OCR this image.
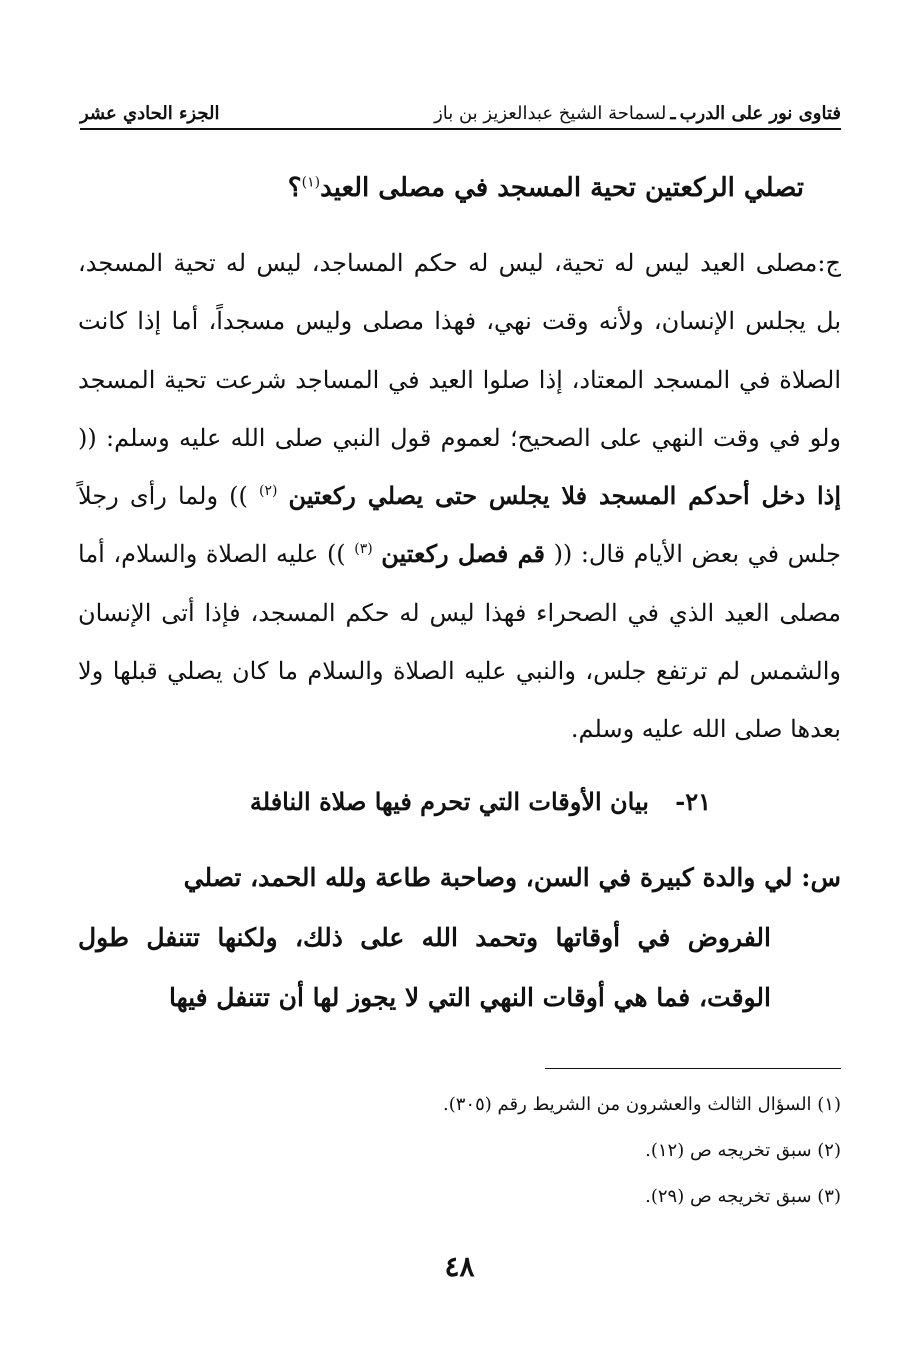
فتاوى نور على الدرب
ـ
لسماحة الشيخ عبدالعزيز بن باز
الجزء الحادي عشر
تصلي الركعتين تحية المسجد في مصلى العيد$^{(١)}$؟

ج:مصلى العيد ليس له تحية، ليس له حكم المساجد، ليس له تحية المسجد، بل يجلس الإنسان، ولأنه وقت نهي، فهذا مصلى وليس مسجداً، أما إذا كانت الصلاة في المسجد المعتاد، إذا صلوا العيد في المساجد شرعت تحية المسجد ولو في وقت النهي على الصحيح؛ لعموم قول النبي صلى الله عليه وسلم: (( إذا دخل أحدكم المسجد فلا يجلس حتى يصلي ركعتين $^{(٢)}$ )) ولما رأى رجلاً جلس في بعض الأيام قال: (( قم فصل ركعتين $^{(٣)}$ )) عليه الصلاة والسلام، أما مصلى العيد الذي في الصحراء فهذا ليس له حكم المسجد، فإذا أتى الإنسان والشمس لم ترتفع جلس، والنبي عليه الصلاة والسلام ما كان يصلي قبلها ولا بعدها صلى الله عليه وسلم.

٢١- بيان الأوقات التي تحرم فيها صلاة النافلة

س: لي والدة كبيرة في السن، وصاحبة طاعة ولله الحمد، تصلي

الفروض في أوقاتها وتحمد الله على ذلك، ولكنها تتنفل طول الوقت، فما هي أوقات النهي التي لا يجوز لها أن تتنفل فيها

(١) السؤال الثالث والعشرون من الشريط رقم (٣٠٥).

(٢) سبق تخريجه ص (١٢).

(٣) سبق تخريجه ص (٢٩).

٤٨
